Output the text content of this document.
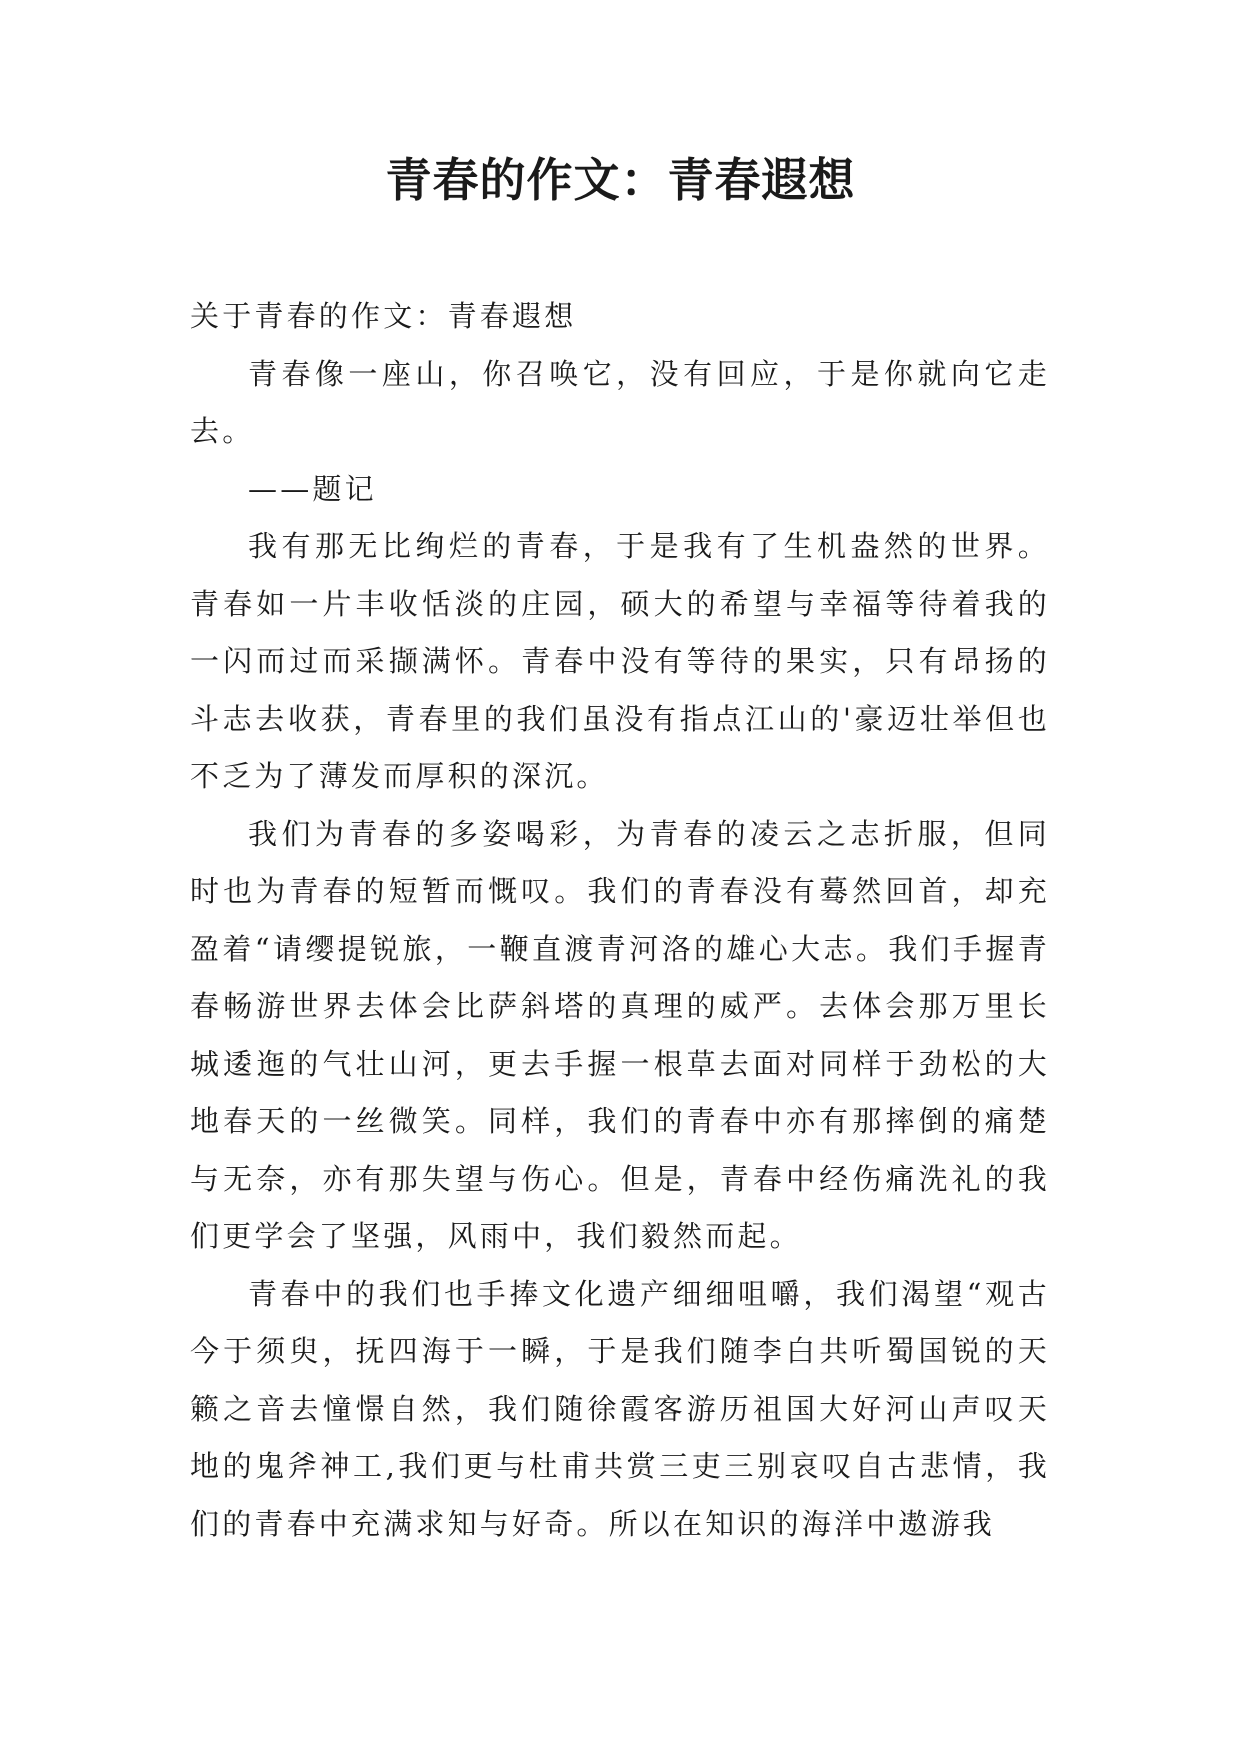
青春的作文：青春遐想

关于青春的作文：青春遐想

青春像一座山，你召唤它，没有回应，于是你就向它走去。

——题记

我有那无比绚烂的青春，于是我有了生机盎然的世界。青春如一片丰收恬淡的庄园，硕大的希望与幸福等待着我的一闪而过而采撷满怀。青春中没有等待的果实，只有昂扬的斗志去收获，青春里的我们虽没有指点江山的'豪迈壮举但也不乏为了薄发而厚积的深沉。

我们为青春的多姿喝彩，为青春的凌云之志折服，但同时也为青春的短暂而慨叹。我们的青春没有蓦然回首，却充盈着“请缨提锐旅，一鞭直渡青河洛的雄心大志。我们手握青春畅游世界去体会比萨斜塔的真理的威严。去体会那万里长城逶迤的气壮山河，更去手握一根草去面对同样于劲松的大地春天的一丝微笑。同样，我们的青春中亦有那摔倒的痛楚与无奈，亦有那失望与伤心。但是，青春中经伤痛洗礼的我们更学会了坚强，风雨中，我们毅然而起。

青春中的我们也手捧文化遗产细细咀嚼，我们渴望“观古今于须臾，抚四海于一瞬，于是我们随李白共听蜀国锐的天籁之音去憧憬自然，我们随徐霞客游历祖国大好河山声叹天地的鬼斧神工,我们更与杜甫共赏三吏三别哀叹自古悲情，我们的青春中充满求知与好奇。所以在知识的海洋中遨游我
